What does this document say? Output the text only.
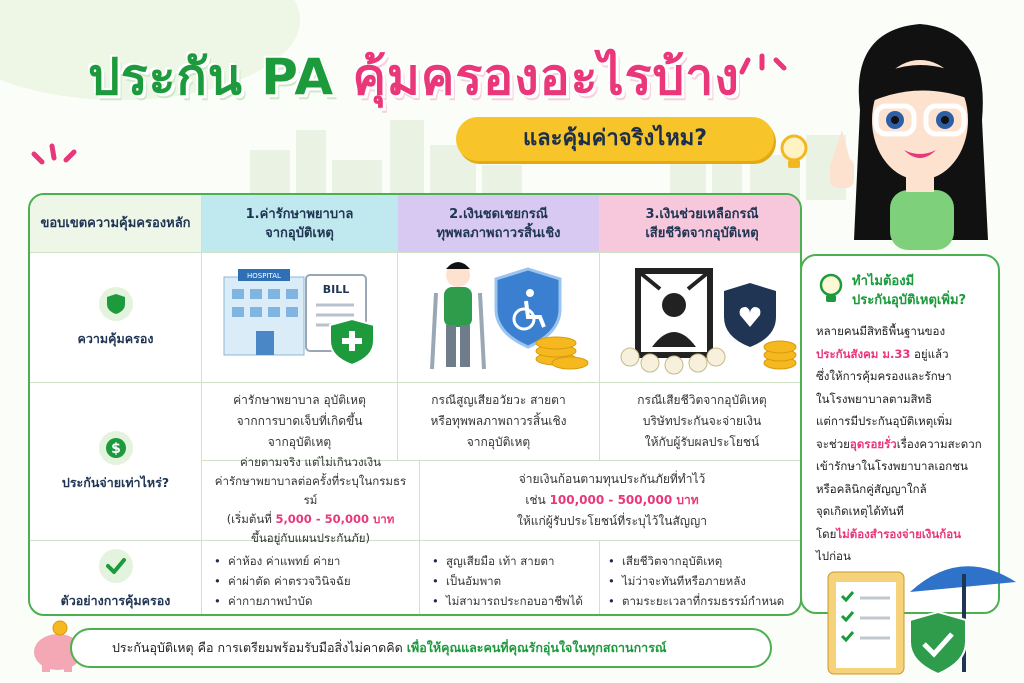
ประกัน PA คุ้มครองอะไรบ้าง
และคุ้มค่าจริงไหม?
ขอบเขตความคุ้มครองหลัก
1.ค่ารักษาพยาบาล
จากอุบัติเหตุ
2.เงินชดเชยกรณี
ทุพพลภาพถาวรสิ้นเชิง
3.เงินช่วยเหลือกรณี
เสียชีวิตจากอุบัติเหตุ
ความคุ้มครอง
HOSPITAL
BILL
$
ประกันจ่ายเท่าไหร่?
ค่ารักษาพยาบาล อุบัติเหตุ
จากการบาดเจ็บที่เกิดขึ้น
จากอุบัติเหตุ
กรณีสูญเสียอวัยวะ สายตา
หรือทุพพลภาพถาวรสิ้นเชิง
จากอุบัติเหตุ
กรณีเสียชีวิตจากอุบัติเหตุ
บริษัทประกันจะจ่ายเงิน
ให้กับผู้รับผลประโยชน์
ค่ายตามจริง แต่ไม่เกินวงเงิน
ค่ารักษาพยาบาลต่อครั้งที่ระบุในกรมธรรม์
(เริ่มต้นที่ 5,000 - 50,000 บาท
ขึ้นอยู่กับแผนประกันภัย)
จ่ายเงินก้อนตามทุนประกันภัยที่ทำไว้
เช่น 100,000 - 500,000 บาท
ให้แก่ผู้รับประโยชน์ที่ระบุไว้ในสัญญา
ตัวอย่างการคุ้มครอง
• ค่าห้อง ค่าแพทย์ ค่ายา
• ค่าผ่าตัด ค่าตรวจวินิจฉัย
• ค่ากายภาพบำบัด
• สูญเสียมือ เท้า สายตา
• เป็นอัมพาต
• ไม่สามารถประกอบอาชีพได้
• เสียชีวิตจากอุบัติเหตุ
• ไม่ว่าจะทันทีหรือภายหลัง
• ตามระยะเวลาที่กรมธรรม์กำหนด
ทำไมต้องมี
ประกันอุบัติเหตุเพิ่ม?
หลายคนมีสิทธิพื้นฐานของ
ประกันสังคม ม.33 อยู่แล้ว
ซึ่งให้การคุ้มครองและรักษา
ในโรงพยาบาลตามสิทธิ
แต่การมีประกันอุบัติเหตุเพิ่ม
จะช่วยอุดรอยรั่วเรื่องความสะดวก
เข้ารักษาในโรงพยาบาลเอกชน
หรือคลินิกคู่สัญญาใกล้
จุดเกิดเหตุได้ทันที
โดยไม่ต้องสำรองจ่ายเงินก้อน
ไปก่อน
ประกันอุบัติเหตุ คือ การเตรียมพร้อมรับมือสิ่งไม่คาดคิด เพื่อให้คุณและคนที่คุณรักอุ่นใจในทุกสถานการณ์
